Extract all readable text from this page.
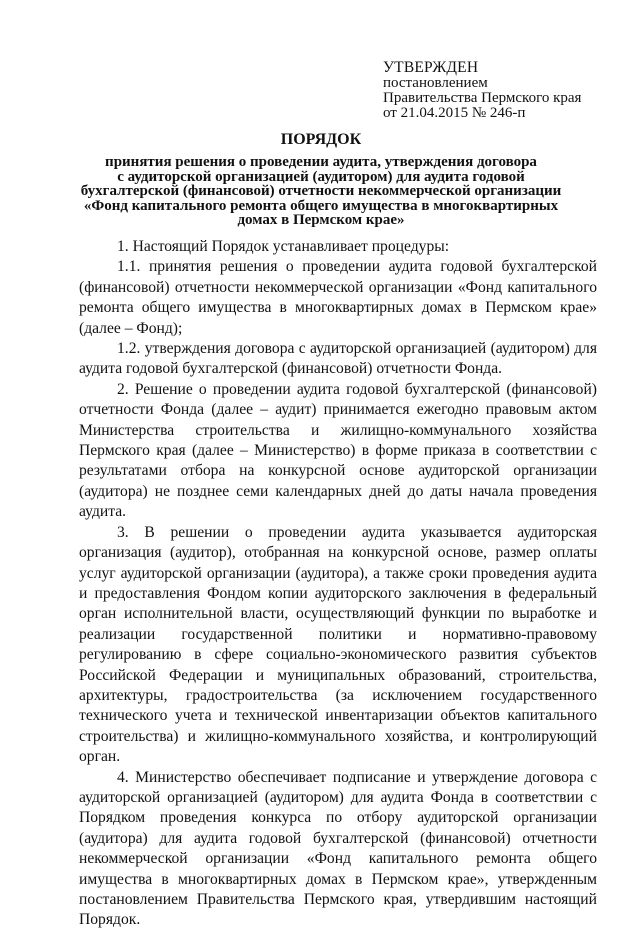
УТВЕРЖДЕН
постановлением
Правительства Пермского края
от 21.04.2015 № 246-п
ПОРЯДОК
принятия решения о проведении аудита, утверждения договора
с аудиторской организацией (аудитором) для аудита годовой
бухгалтерской (финансовой) отчетности некоммерческой организации
«Фонд капитального ремонта общего имущества в многоквартирных
домах в Пермском крае»

1. Настоящий Порядок устанавливает процедуры:

1.1. принятия решения о проведении аудита годовой бухгалтерской (финансовой) отчетности некоммерческой организации «Фонд капитального ремонта общего имущества в многоквартирных домах в Пермском крае» (далее – Фонд);

1.2. утверждения договора с аудиторской организацией (аудитором) для аудита годовой бухгалтерской (финансовой) отчетности Фонда.

2. Решение о проведении аудита годовой бухгалтерской (финансовой) отчетности Фонда (далее – аудит) принимается ежегодно правовым актом Министерства строительства и жилищно-коммунального хозяйства Пермского края (далее – Министерство) в форме приказа в соответствии с результатами отбора на конкурсной основе аудиторской организации (аудитора) не позднее семи календарных дней до даты начала проведения аудита.

3. В решении о проведении аудита указывается аудиторская организация (аудитор), отобранная на конкурсной основе, размер оплаты услуг аудиторской организации (аудитора), а также сроки проведения аудита и предоставления Фондом копии аудиторского заключения в федеральный орган исполнительной власти, осуществляющий функции по выработке и реализации государственной политики и нормативно-правовому регулированию в сфере социально-экономического развития субъектов Российской Федерации и муниципальных образований, строительства, архитектуры, градостроительства (за исключением государственного технического учета и технической инвентаризации объектов капитального строительства) и жилищно-коммунального хозяйства, и контролирующий орган.

4. Министерство обеспечивает подписание и утверждение договора с аудиторской организацией (аудитором) для аудита Фонда в соответствии с Порядком проведения конкурса по отбору аудиторской организации (аудитора) для аудита годовой бухгалтерской (финансовой) отчетности некоммерческой организации «Фонд капитального ремонта общего имущества в многоквартирных домах в Пермском крае», утвержденным постановлением Правительства Пермского края, утвердившим настоящий Порядок.
